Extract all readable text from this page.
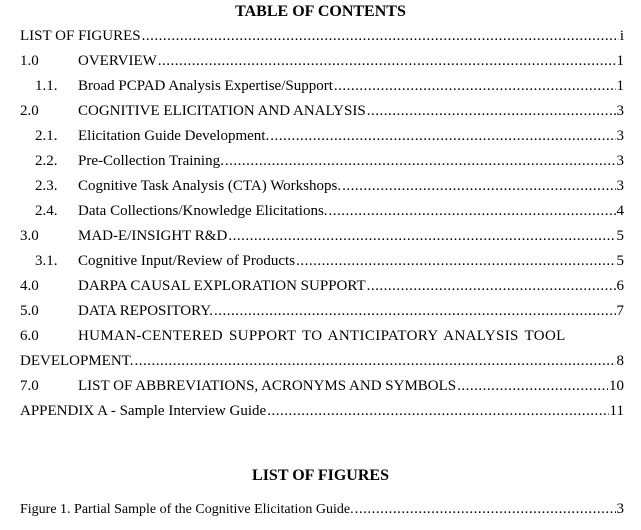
TABLE OF CONTENTS
LIST OF FIGURES .....	i
1.0	OVERVIEW .....	1
1.1.	Broad PCPAD Analysis Expertise/Support .....	1
2.0	COGNITIVE ELICITATION AND ANALYSIS .....	3
2.1.	Elicitation Guide Development. .....	3
2.2.	Pre-Collection Training. .....	3
2.3.	Cognitive Task Analysis (CTA) Workshops. .....	3
2.4.	Data Collections/Knowledge Elicitations. .....	4
3.0	MAD-E/INSIGHT R&D .....	5
3.1.	Cognitive Input/Review of Products .....	5
4.0	DARPA CAUSAL EXPLORATION SUPPORT .....	6
5.0	DATA REPOSITORY. .....	7
6.0	HUMAN-CENTERED SUPPORT TO ANTICIPATORY ANALYSIS TOOL
DEVELOPMENT. .....	8
7.0	LIST OF ABBREVIATIONS, ACRONYMS AND SYMBOLS .....	10
APPENDIX A - Sample Interview Guide .....	11
LIST OF FIGURES
Figure 1. Partial Sample of the Cognitive Elicitation Guide. .....	3
